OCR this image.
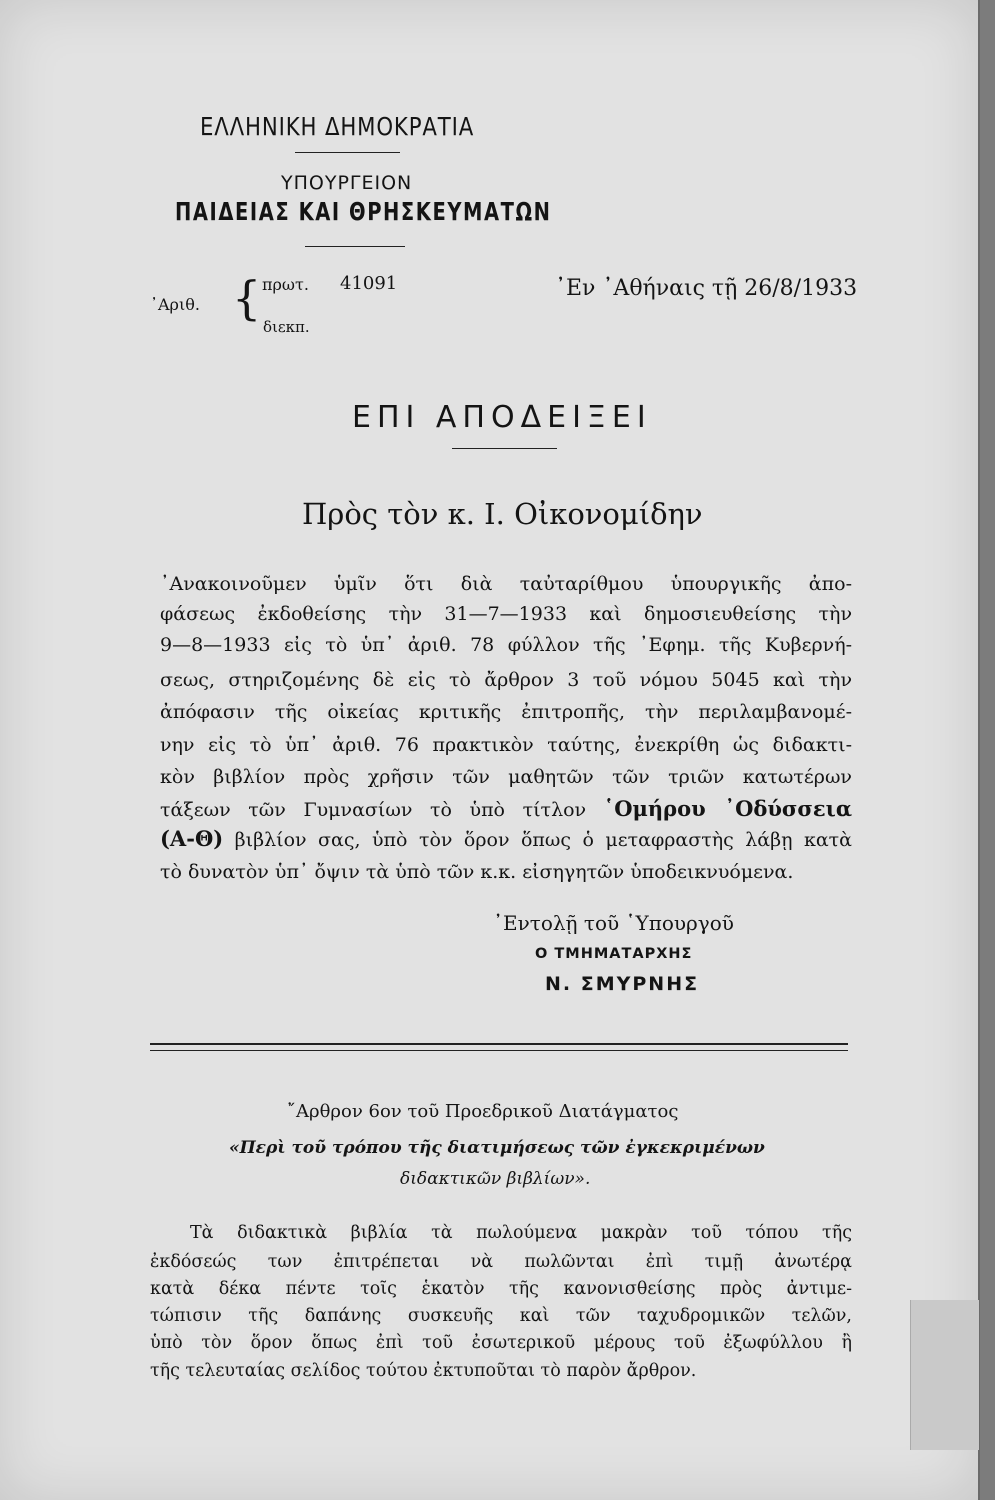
ΕΛΛΗΝΙΚΗ ΔΗΜΟΚΡΑΤΙΑ
ΥΠΟΥΡΓΕΙΟΝ
ΠΑΙΔΕΙΑΣ ΚΑΙ ΘΡΗΣΚΕΥΜΑΤΩΝ
᾿Αριθ. { πρωτ. 41091
διεκπ.
᾿Εν ᾿Αθήναις τῇ 26/8/1933
ΕΠΙ ΑΠΟΔΕΙΞΕΙ
Πρὸς τὸν κ. Ι. Οἰκονομίδην
᾿Ανακοινοῦμεν ὑμῖν ὅτι διὰ ταὐταρίθμου ὑπουργικῆς ἀπο-
φάσεως ἐκδοθείσης τὴν 31—7—1933 καὶ δημοσιευθείσης τὴν
9—8—1933 εἰς τὸ ὑπ᾿ ἀριθ. 78 φύλλον τῆς ᾿Εφημ. τῆς Κυβερνή-
σεως, στηριζομένης δὲ εἰς τὸ ἄρθρον 3 τοῦ νόμου 5045 καὶ τὴν
ἀπόφασιν τῆς οἰκείας κριτικῆς ἐπιτροπῆς, τὴν περιλαμβανομέ-
νην εἰς τὸ ὑπ᾿ ἀριθ. 76 πρακτικὸν ταύτης, ἐνεκρίθη ὡς διδακτι-
κὸν βιβλίον πρὸς χρῆσιν τῶν μαθητῶν τῶν τριῶν κατωτέρων
τάξεων τῶν Γυμνασίων τὸ ὑπὸ τίτλον ῾Ομήρου ᾿Οδύσσεια
(Α-Θ) βιβλίον σας, ὑπὸ τὸν ὅρον ὅπως ὁ μεταφραστὴς λάβῃ κατὰ
τὸ δυνατὸν ὑπ᾿ ὄψιν τὰ ὑπὸ τῶν κ.κ. εἰσηγητῶν ὑποδεικνυόμενα.
᾿Εντολῇ τοῦ ῾Υπουργοῦ
Ο ΤΜΗΜΑΤΑΡΧΗΣ
Ν. ΣΜΥΡΝΗΣ
῎Αρθρον 6ον τοῦ Προεδρικοῦ Διατάγματος
«Περὶ τοῦ τρόπου τῆς διατιμήσεως τῶν ἐγκεκριμένων
διδακτικῶν βιβλίων».
Τὰ διδακτικὰ βιβλία τὰ πωλούμενα μακρὰν τοῦ τόπου τῆς
ἐκδόσεώς των ἐπιτρέπεται νὰ πωλῶνται ἐπὶ τιμῇ ἀνωτέρᾳ
κατὰ δέκα πέντε τοῖς ἑκατὸν τῆς κανονισθείσης πρὸς ἀντιμε-
τώπισιν τῆς δαπάνης συσκευῆς καὶ τῶν ταχυδρομικῶν τελῶν,
ὑπὸ τὸν ὅρον ὅπως ἐπὶ τοῦ ἐσωτερικοῦ μέρους τοῦ ἐξωφύλλου ἢ
τῆς τελευταίας σελίδος τούτου ἐκτυποῦται τὸ παρὸν ἄρθρον.
